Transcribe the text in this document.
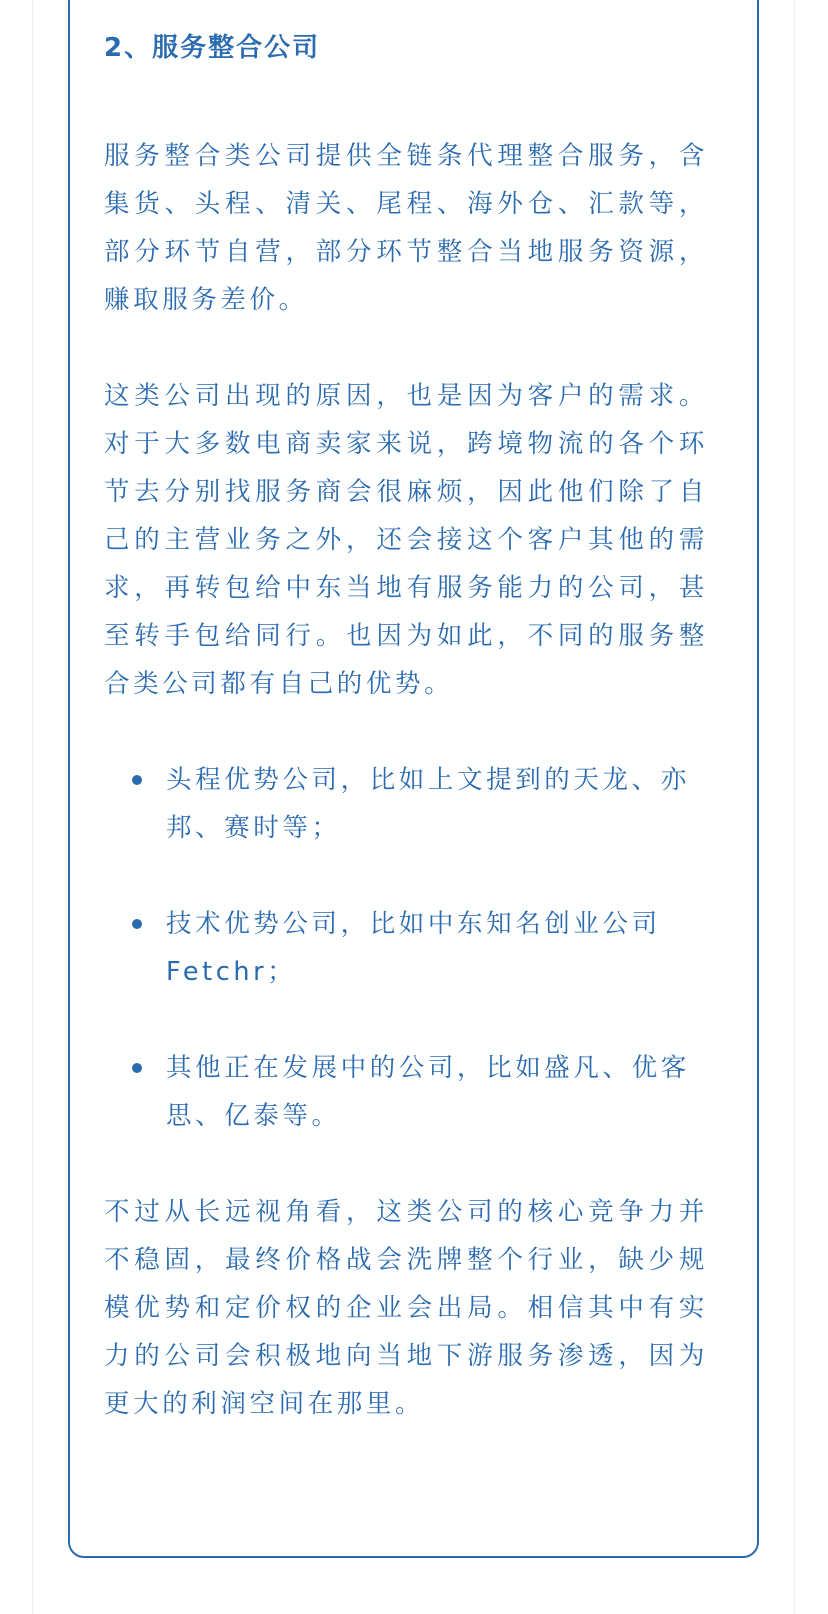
2、服务整合公司

服务整合类公司提供全链条代理整合服务，含集货、头程、清关、尾程、海外仓、汇款等，部分环节自营，部分环节整合当地服务资源，赚取服务差价。

这类公司出现的原因，也是因为客户的需求。对于大多数电商卖家来说，跨境物流的各个环节去分别找服务商会很麻烦，因此他们除了自己的主营业务之外，还会接这个客户其他的需求，再转包给中东当地有服务能力的公司，甚至转手包给同行。也因为如此，不同的服务整合类公司都有自己的优势。

头程优势公司，比如上文提到的天龙、亦邦、赛时等；
技术优势公司，比如中东知名创业公司Fetchr；
其他正在发展中的公司，比如盛凡、优客思、亿泰等。

不过从长远视角看，这类公司的核心竞争力并不稳固，最终价格战会洗牌整个行业，缺少规模优势和定价权的企业会出局。相信其中有实力的公司会积极地向当地下游服务渗透，因为更大的利润空间在那里。
